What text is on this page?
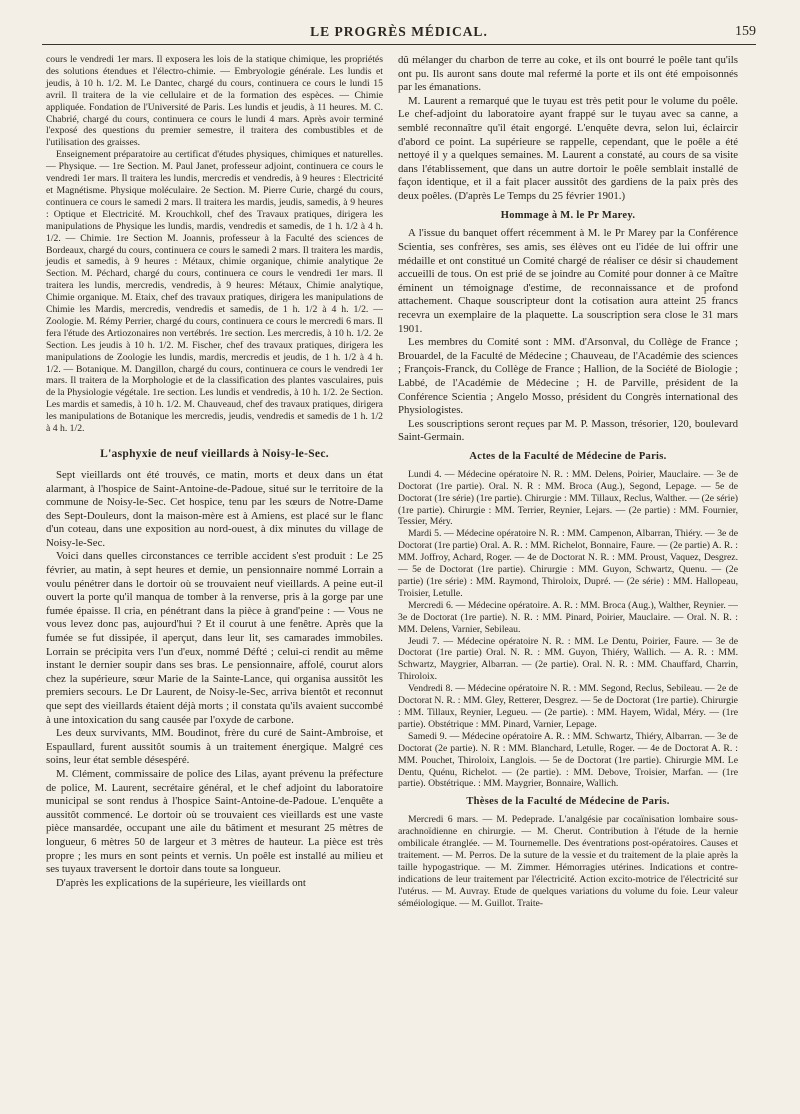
LE PROGRÈS MÉDICAL.	159

cours le vendredi 1er mars. Il exposera les lois de la statique chimique, les propriétés des solutions étendues et l'électro-chimie. — Embryologie générale. Les lundis et jeudis, à 10 h. 1/2. M. Le Dantec, chargé du cours, continuera ce cours le lundi 15 avril. Il traitera de la vie cellulaire et de la formation des espèces. — Chimie appliquée. Fondation de l'Université de Paris. Les lundis et jeudis, à 11 heures. M. C. Chabrié, chargé du cours, continuera ce cours le lundi 4 mars. Après avoir terminé l'exposé des questions du premier semestre, il traitera des combustibles et de l'utilisation des graisses.

Enseignement préparatoire au certificat d'études physiques, chimiques et naturelles. — Physique. — 1re Section. M. Paul Janet, professeur adjoint, continuera ce cours le vendredi 1er mars. Il traitera les lundis, mercredis et vendredis, à 9 heures : Electricité et Magnétisme. Physique moléculaire. 2e Section. M. Pierre Curie, chargé du cours, continuera ce cours le samedi 2 mars. Il traitera les mardis, jeudis, samedis, à 9 heures : Optique et Electricité. M. Krouchkoll, chef des Travaux pratiques, dirigera les manipulations de Physique les lundis, mardis, vendredis et samedis, de 1 h. 1/2 à 4 h. 1/2. — Chimie. 1re Section M. Joannis, professeur à la Faculté des sciences de Bordeaux, chargé du cours, continuera ce cours le samedi 2 mars. Il traitera les mardis, jeudis et samedis, à 9 heures : Métaux, chimie organique, chimie analytique 2e Section. M. Péchard, chargé du cours, continuera ce cours le vendredi 1er mars. Il traitera les lundis, mercredis, vendredis, à 9 heures: Métaux, Chimie analytique, Chimie organique. M. Etaix, chef des travaux pratiques, dirigera les manipulations de Chimie les Mardis, mercredis, vendredis et samedis, de 1 h. 1/2 à 4 h. 1/2. — Zoologie. M. Rémy Perrier, chargé du cours, continuera ce cours le mercredi 6 mars. Il fera l'étude des Artiozonaires non vertébrés. 1re section. Les mercredis, à 10 h. 1/2. 2e Section. Les jeudis à 10 h. 1/2. M. Fischer, chef des travaux pratiques, dirigera les manipulations de Zoologie les lundis, mardis, mercredis et jeudis, de 1 h. 1/2 à 4 h. 1/2. — Botanique. M. Dangillon, chargé du cours, continuera ce cours le vendredi 1er mars. Il traitera de la Morphologie et de la classification des plantes vasculaires, puis de la Physiologie végétale. 1re section. Les lundis et vendredis, à 10 h. 1/2. 2e Section. Les mardis et samedis, à 10 h. 1/2. M. Chauveaud, chef des travaux pratiques, dirigera les manipulations de Botanique les mercredis, jeudis, vendredis et samedis de 1 h. 1/2 à 4 h. 1/2.

L'asphyxie de neuf vieillards à Noisy-le-Sec.

Sept vieillards ont été trouvés, ce matin, morts et deux dans un état alarmant, à l'hospice de Saint-Antoine-de-Padoue, situé sur le territoire de la commune de Noisy-le-Sec. Cet hospice, tenu par les sœurs de Notre-Dame des Sept-Douleurs, dont la maison-mère est à Amiens, est placé sur le flanc d'un coteau, dans une exposition au nord-ouest, à dix minutes du village de Noisy-le-Sec.

Voici dans quelles circonstances ce terrible accident s'est produit : Le 25 février, au matin, à sept heures et demie, un pensionnaire nommé Lorrain a voulu pénétrer dans le dortoir où se trouvaient neuf vieillards. A peine eut-il ouvert la porte qu'il manqua de tomber à la renverse, pris à la gorge par une fumée épaisse. Il cria, en pénétrant dans la pièce à grand'peine : — Vous ne vous levez donc pas, aujourd'hui ? Et il courut à une fenêtre. Après que la fumée se fut dissipée, il aperçut, dans leur lit, ses camarades immobiles. Lorrain se précipita vers l'un d'eux, nommé Défté ; celui-ci rendit au même instant le dernier soupir dans ses bras. Le pensionnaire, affolé, courut alors chez la supérieure, sœur Marie de la Sainte-Lance, qui organisa aussitôt les premiers secours. Le Dr Laurent, de Noisy-le-Sec, arriva bientôt et reconnut que sept des vieillards étaient déjà morts ; il constata qu'ils avaient succombé à une intoxication du sang causée par l'oxyde de carbone.

Les deux survivants, MM. Boudinot, frère du curé de Saint-Ambroise, et Espaullard, furent aussitôt soumis à un traitement énergique. Malgré ces soins, leur état semble désespéré.

M. Clément, commissaire de police des Lilas, ayant prévenu la préfecture de police, M. Laurent, secrétaire général, et le chef adjoint du laboratoire municipal se sont rendus à l'hospice Saint-Antoine-de-Padoue. L'enquête a aussitôt commencé. Le dortoir où se trouvaient ces vieillards est une vaste pièce mansardée, occupant une aile du bâtiment et mesurant 25 mètres de longueur, 6 mètres 50 de largeur et 3 mètres de hauteur. La pièce est très propre ; les murs en sont peints et vernis. Un poêle est installé au milieu et ses tuyaux traversent le dortoir dans toute sa longueur.

D'après les explications de la supérieure, les vieillards ont

dû mélanger du charbon de terre au coke, et ils ont bourré le poêle tant qu'ils ont pu. Ils auront sans doute mal refermé la porte et ils ont été empoisonnés par les émanations.

M. Laurent a remarqué que le tuyau est très petit pour le volume du poêle. Le chef-adjoint du laboratoire ayant frappé sur le tuyau avec sa canne, a semblé reconnaître qu'il était engorgé. L'enquête devra, selon lui, éclaircir d'abord ce point. La supérieure se rappelle, cependant, que le poêle a été nettoyé il y a quelques semaines. M. Laurent a constaté, au cours de sa visite dans l'établissement, que dans un autre dortoir le poêle semblait installé de façon identique, et il a fait placer aussitôt des gardiens de la paix près des deux poêles. (D'après Le Temps du 25 février 1901.)

Hommage à M. le Pr Marey.

A l'issue du banquet offert récemment à M. le Pr Marey par la Conférence Scientia, ses confrères, ses amis, ses élèves ont eu l'idée de lui offrir une médaille et ont constitué un Comité chargé de réaliser ce désir si chaudement accueilli de tous. On est prié de se joindre au Comité pour donner à ce Maître éminent un témoignage d'estime, de reconnaissance et de profond attachement. Chaque souscripteur dont la cotisation aura atteint 25 francs recevra un exemplaire de la plaquette. La souscription sera close le 31 mars 1901.

Les membres du Comité sont : MM. d'Arsonval, du Collège de France ; Brouardel, de la Faculté de Médecine ; Chauveau, de l'Académie des sciences ; François-Franck, du Collège de France ; Hallion, de la Société de Biologie ; Labbé, de l'Académie de Médecine ; H. de Parville, président de la Conférence Scientia ; Angelo Mosso, président du Congrès international des Physiologistes.

Les souscriptions seront reçues par M. P. Masson, trésorier, 120, boulevard Saint-Germain.

Actes de la Faculté de Médecine de Paris.

Lundi 4. — Médecine opératoire N. R. : MM. Delens, Poirier, Mauclaire. — 3e de Doctorat (1re partie). Oral. N. R : MM. Broca (Aug.), Segond, Lepage. — 5e de Doctorat (1re série) (1re partie). Chirurgie : MM. Tillaux, Reclus, Walther. — (2e série) (1re partie). Chirurgie : MM. Terrier, Reynier, Lejars. — (2e partie) : MM. Fournier, Tessier, Méry.

Mardi 5. — Médecine opératoire N. R. : MM. Campenon, Albarran, Thiéry. — 3e de Doctorat (1re partie) Oral. A. R. : MM. Richelot, Bonnaire, Faure. — (2e partie) A. R. : MM. Joffroy, Achard, Roger. — 4e de Doctorat N. R. : MM. Proust, Vaquez, Desgrez. — 5e de Doctorat (1re partie). Chirurgie : MM. Guyon, Schwartz, Quenu. — (2e partie) (1re série) : MM. Raymond, Thiroloix, Dupré. — (2e série) : MM. Hallopeau, Troisier, Letulle.

Mercredi 6. — Médecine opératoire. A. R. : MM. Broca (Aug.), Walther, Reynier. — 3e de Doctorat (1re partie). N. R. : MM. Pinard, Poirier, Mauclaire. — Oral. N. R. : MM. Delens, Varnier, Sebileau.

Jeudi 7. — Médecine opératoire N. R. : MM. Le Dentu, Poirier, Faure. — 3e de Doctorat (1re partie) Oral. N. R. : MM. Guyon, Thiéry, Wallich. — A. R. : MM. Schwartz, Maygrier, Albarran. — (2e partie). Oral. N. R. : MM. Chauffard, Charrin, Thiroloix.

Vendredi 8. — Médecine opératoire N. R. : MM. Segond, Reclus, Sebileau. — 2e de Doctorat N. R. : MM. Gley, Retterer, Desgrez. — 5e de Doctorat (1re partie). Chirurgie : MM. Tillaux, Reynier, Legueu. — (2e partie). : MM. Hayem, Widal, Méry. — (1re partie). Obstétrique : MM. Pinard, Varnier, Lepage.

Samedi 9. — Médecine opératoire A. R. : MM. Schwartz, Thiéry, Albarran. — 3e de Doctorat (2e partie). N. R : MM. Blanchard, Letulle, Roger. — 4e de Doctorat A. R. : MM. Pouchet, Thiroloix, Langlois. — 5e de Doctorat (1re partie). Chirurgie MM. Le Dentu, Quénu, Richelot. — (2e partie). : MM. Debove, Troisier, Marfan. — (1re partie). Obstétrique. : MM. Maygrier, Bonnaire, Wallich.

Thèses de la Faculté de Médecine de Paris.

Mercredi 6 mars. — M. Pedeprade. L'analgésie par cocaïnisation lombaire sous-arachnoïdienne en chirurgie. — M. Cherut. Contribution à l'étude de la hernie ombilicale étranglée. — M. Tournemelle. Des éventrations post-opératoires. Causes et traitement. — M. Perros. De la suture de la vessie et du traitement de la plaie après la taille hypogastrique. — M. Zimmer. Hémorragies utérines. Indications et contre-indications de leur traitement par l'électricité. Action excito-motrice de l'électricité sur l'utérus. — M. Auvray. Etude de quelques variations du volume du foie. Leur valeur séméiologique. — M. Guillot. Traite-
